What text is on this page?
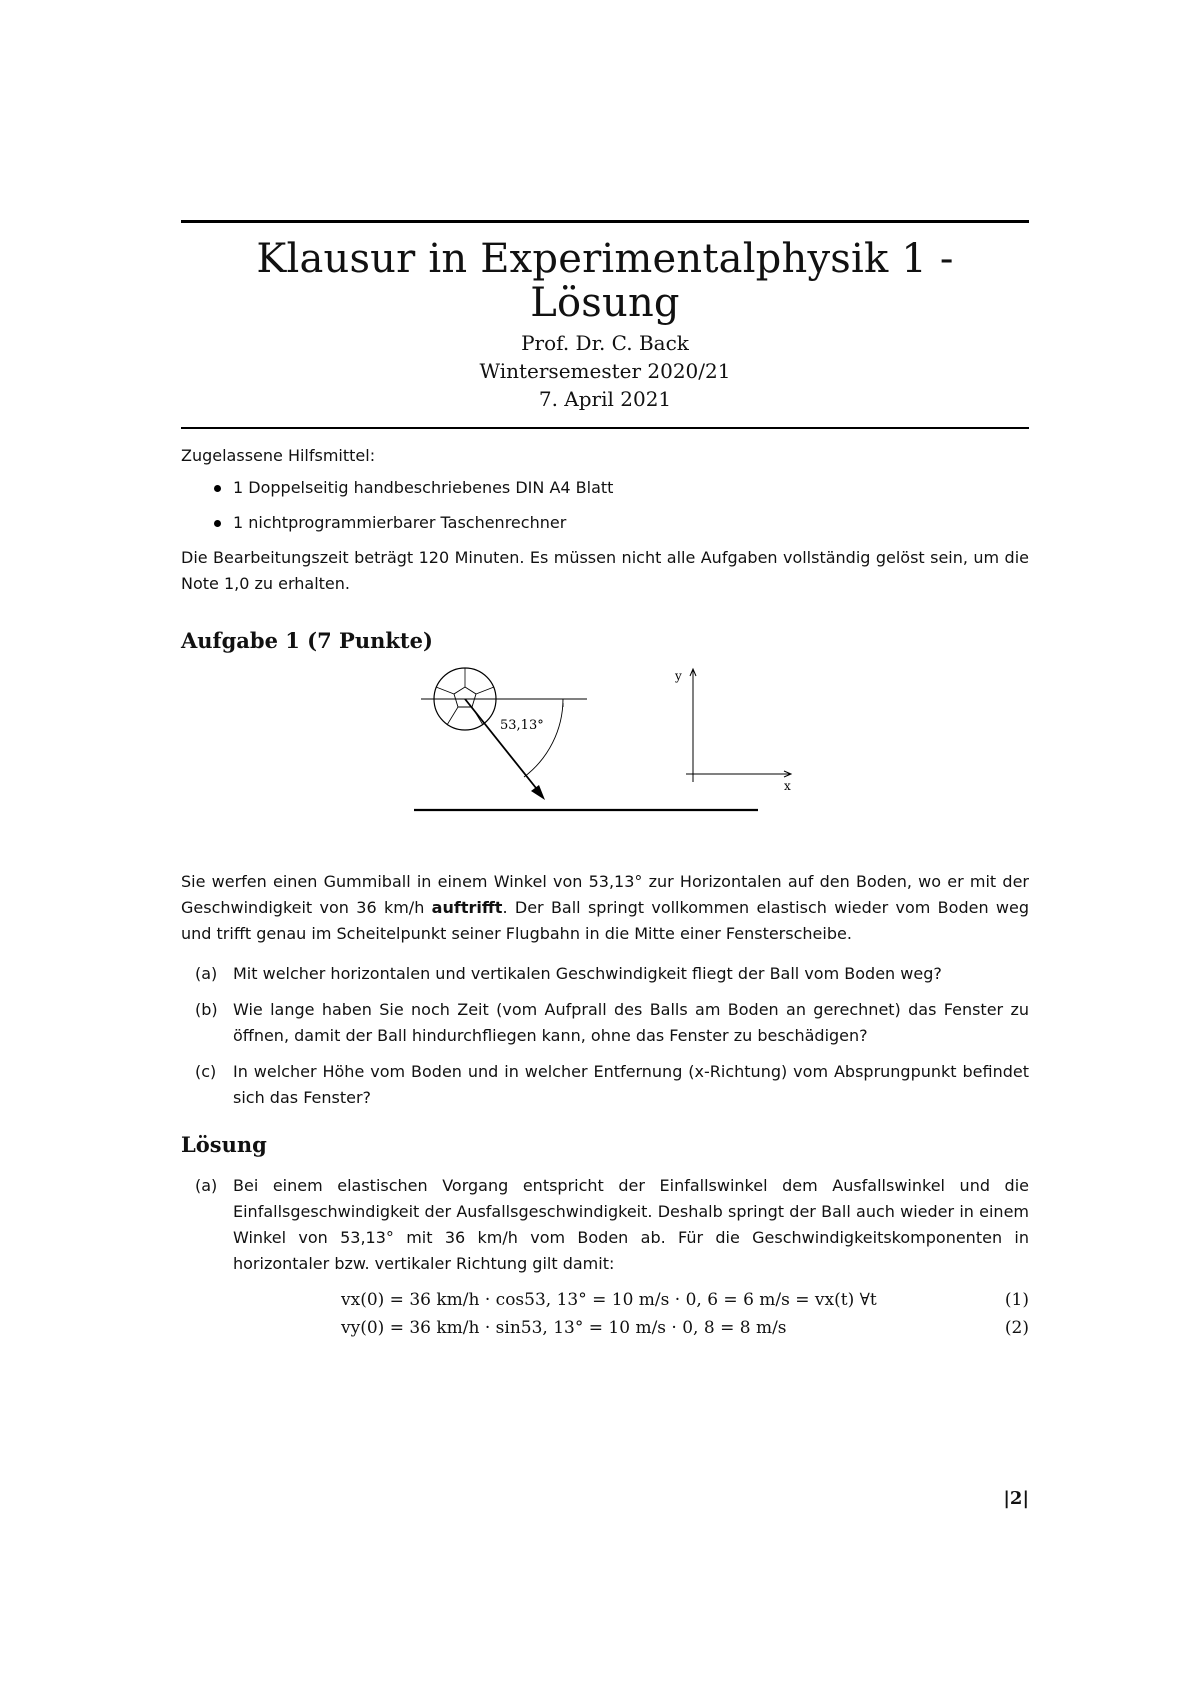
Klausur in Experimentalphysik 1 - Lösung
Prof. Dr. C. Back
Wintersemester 2020/21
7. April 2021
Zugelassene Hilfsmittel:
1 Doppelseitig handbeschriebenes DIN A4 Blatt
1 nichtprogrammierbarer Taschenrechner
Die Bearbeitungszeit beträgt 120 Minuten. Es müssen nicht alle Aufgaben vollständig gelöst sein, um die Note 1,0 zu erhalten.
Aufgabe 1 (7 Punkte)
53,13°
y
x
Sie werfen einen Gummiball in einem Winkel von 53,13° zur Horizontalen auf den Boden, wo er mit der Geschwindigkeit von 36 km/h auftrifft. Der Ball springt vollkommen elastisch wieder vom Boden weg und trifft genau im Scheitelpunkt seiner Flugbahn in die Mitte einer Fensterscheibe.
(a) Mit welcher horizontalen und vertikalen Geschwindigkeit fliegt der Ball vom Boden weg?
(b) Wie lange haben Sie noch Zeit (vom Aufprall des Balls am Boden an gerechnet) das Fenster zu öffnen, damit der Ball hindurchfliegen kann, ohne das Fenster zu beschädigen?
(c) In welcher Höhe vom Boden und in welcher Entfernung (x-Richtung) vom Absprungpunkt befindet sich das Fenster?
Lösung
(a) Bei einem elastischen Vorgang entspricht der Einfallswinkel dem Ausfallswinkel und die Einfallsgeschwindigkeit der Ausfallsgeschwindigkeit. Deshalb springt der Ball auch wieder in einem Winkel von 53,13° mit 36 km/h vom Boden ab. Für die Geschwindigkeitskomponenten in horizontaler bzw. vertikaler Richtung gilt damit:
vx(0) = 36 km/h · cos53, 13° = 10 m/s · 0, 6 = 6 m/s = vx(t) ∀t	(1)
vy(0) = 36 km/h · sin53, 13° = 10 m/s · 0, 8 = 8 m/s	(2)
|2|
